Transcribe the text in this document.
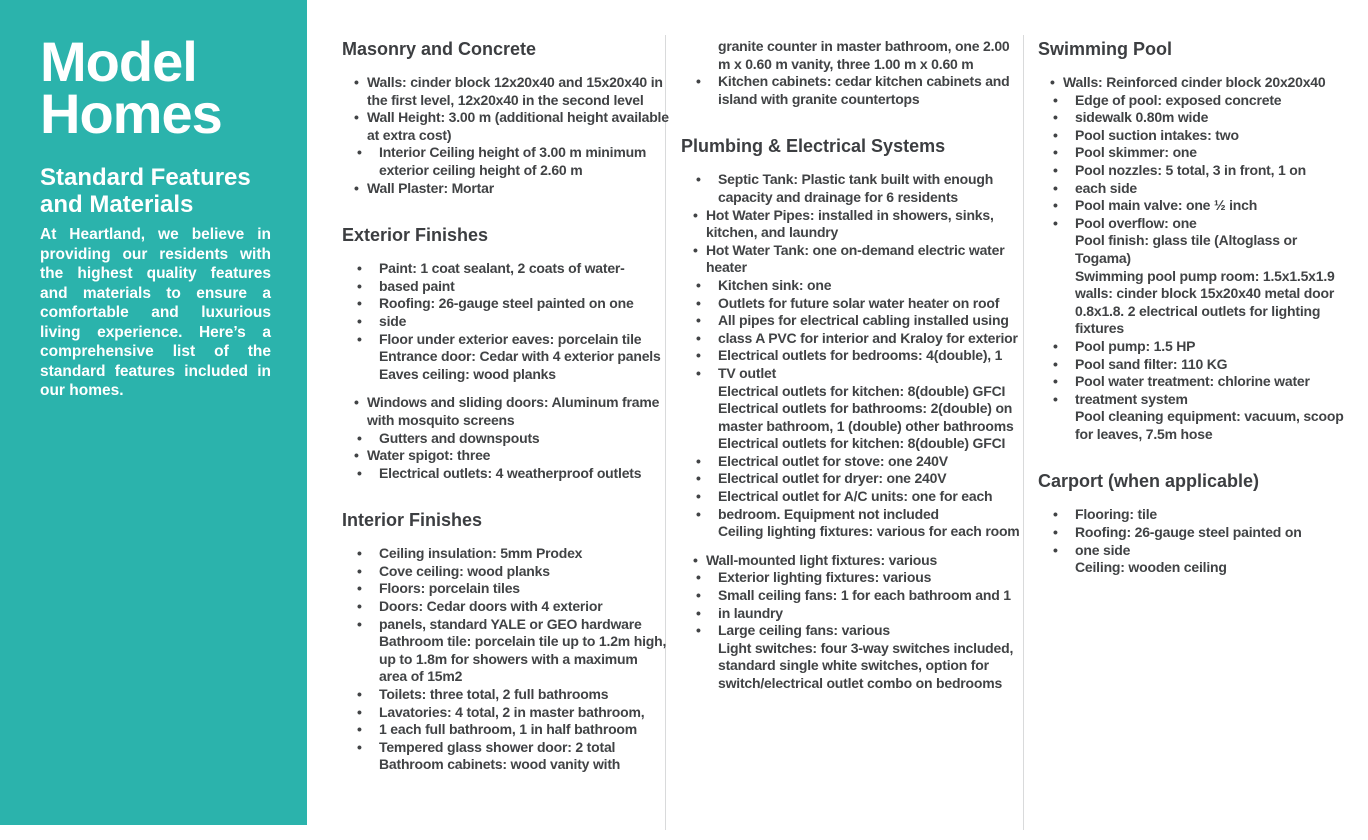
Model
Homes
Standard Features and Materials

At Heartland, we believe in providing our residents with the highest quality features and materials to ensure a comfortable and luxurious living experience. Here’s a comprehensive list of the standard features included in our homes.

Masonry and Concrete
• Walls: cinder block 12x20x40 and 15x20x40 in the first level, 12x20x40 in the second level
• Wall Height: 3.00 m (additional height available at extra cost)
• Interior Ceiling height of 3.00 m minimum exterior ceiling height of 2.60 m
• Wall Plaster: Mortar
Exterior Finishes
• Paint: 1 coat sealant, 2 coats of water-
• based paint
• Roofing: 26-gauge steel painted on one
• side
• Floor under exterior eaves: porcelain tile
Entrance door: Cedar with 4 exterior panels
Eaves ceiling: wood planks
• Windows and sliding doors: Aluminum frame with mosquito screens
• Gutters and downspouts
• Water spigot: three
• Electrical outlets: 4 weatherproof outlets
Interior Finishes
• Ceiling insulation: 5mm Prodex
• Cove ceiling: wood planks
• Floors: porcelain tiles
• Doors: Cedar doors with 4 exterior
• panels, standard YALE or GEO hardware
Bathroom tile: porcelain tile up to 1.2m high, up to 1.8m for showers with a maximum area of 15m2
• Toilets: three total, 2 full bathrooms
• Lavatories: 4 total, 2 in master bathroom,
• 1 each full bathroom, 1 in half bathroom
• Tempered glass shower door: 2 total
Bathroom cabinets: wood vanity with
granite counter in master bathroom, one 2.00 m x 0.60 m vanity, three 1.00 m x 0.60 m
• Kitchen cabinets: cedar kitchen cabinets and island with granite countertops
Plumbing & Electrical Systems
• Septic Tank: Plastic tank built with enough capacity and drainage for 6 residents
• Hot Water Pipes: installed in showers, sinks, kitchen, and laundry
• Hot Water Tank: one on-demand electric water heater
• Kitchen sink: one
• Outlets for future solar water heater on roof
• All pipes for electrical cabling installed using
• class A PVC for interior and Kraloy for exterior
• Electrical outlets for bedrooms: 4(double), 1
• TV outlet
Electrical outlets for kitchen: 8(double) GFCI
Electrical outlets for bathrooms: 2(double) on master bathroom, 1 (double) other bathrooms Electrical outlets for kitchen: 8(double) GFCI
• Electrical outlet for stove: one 240V
• Electrical outlet for dryer: one 240V
• Electrical outlet for A/C units: one for each
• bedroom. Equipment not included
Ceiling lighting fixtures: various for each room
• Wall-mounted light fixtures: various
• Exterior lighting fixtures: various
• Small ceiling fans: 1 for each bathroom and 1
• in laundry
• Large ceiling fans: various
Light switches: four 3-way switches included, standard single white switches, option for switch/electrical outlet combo on bedrooms
Swimming Pool
• Walls: Reinforced cinder block 20x20x40
• Edge of pool: exposed concrete
• sidewalk 0.80m wide
• Pool suction intakes: two
• Pool skimmer: one
• Pool nozzles: 5 total, 3 in front, 1 on
• each side
• Pool main valve: one ½ inch
• Pool overflow: one
Pool finish: glass tile (Altoglass or Togama)
Swimming pool pump room: 1.5x1.5x1.9 walls: cinder block 15x20x40 metal door 0.8x1.8. 2 electrical outlets for lighting fixtures
• Pool pump: 1.5 HP
• Pool sand filter: 110 KG
• Pool water treatment: chlorine water
• treatment system
Pool cleaning equipment: vacuum, scoop for leaves, 7.5m hose
Carport (when applicable)
• Flooring: tile
• Roofing: 26-gauge steel painted on
• one side
Ceiling: wooden ceiling
